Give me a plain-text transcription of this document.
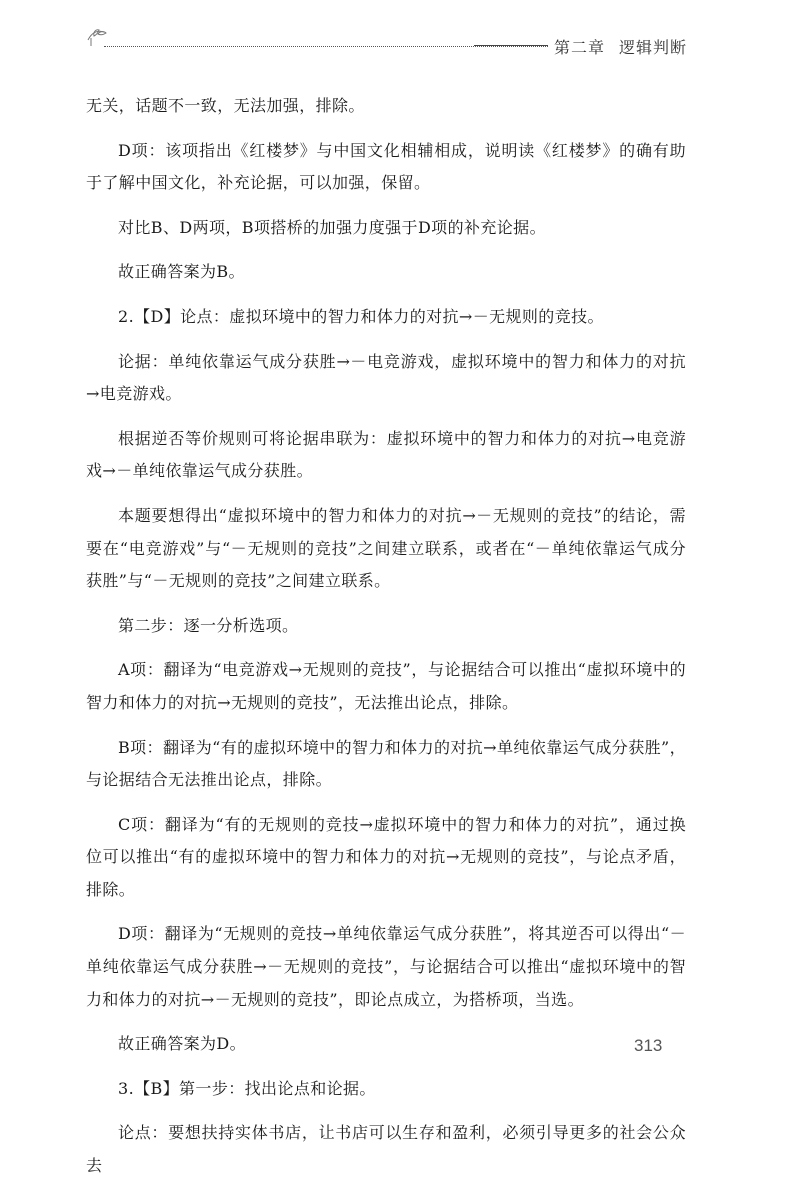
第二章 逻辑判断

无关，话题不一致，无法加强，排除。

D项：该项指出《红楼梦》与中国文化相辅相成，说明读《红楼梦》的确有助于了解中国文化，补充论据，可以加强，保留。

对比B、D两项，B项搭桥的加强力度强于D项的补充论据。

故正确答案为B。

2.【D】论点：虚拟环境中的智力和体力的对抗→－无规则的竞技。

论据：单纯依靠运气成分获胜→－电竞游戏，虚拟环境中的智力和体力的对抗→电竞游戏。

根据逆否等价规则可将论据串联为：虚拟环境中的智力和体力的对抗→电竞游戏→－单纯依靠运气成分获胜。

本题要想得出“虚拟环境中的智力和体力的对抗→－无规则的竞技”的结论，需要在“电竞游戏”与“－无规则的竞技”之间建立联系，或者在“－单纯依靠运气成分获胜”与“－无规则的竞技”之间建立联系。

第二步：逐一分析选项。

A项：翻译为“电竞游戏→无规则的竞技”，与论据结合可以推出“虚拟环境中的智力和体力的对抗→无规则的竞技”，无法推出论点，排除。

B项：翻译为“有的虚拟环境中的智力和体力的对抗→单纯依靠运气成分获胜”，与论据结合无法推出论点，排除。

C项：翻译为“有的无规则的竞技→虚拟环境中的智力和体力的对抗”，通过换位可以推出“有的虚拟环境中的智力和体力的对抗→无规则的竞技”，与论点矛盾，排除。

D项：翻译为“无规则的竞技→单纯依靠运气成分获胜”，将其逆否可以得出“－单纯依靠运气成分获胜→－无规则的竞技”，与论据结合可以推出“虚拟环境中的智力和体力的对抗→－无规则的竞技”，即论点成立，为搭桥项，当选。

故正确答案为D。

3.【B】第一步：找出论点和论据。

论点：要想扶持实体书店，让书店可以生存和盈利，必须引导更多的社会公众去

313
